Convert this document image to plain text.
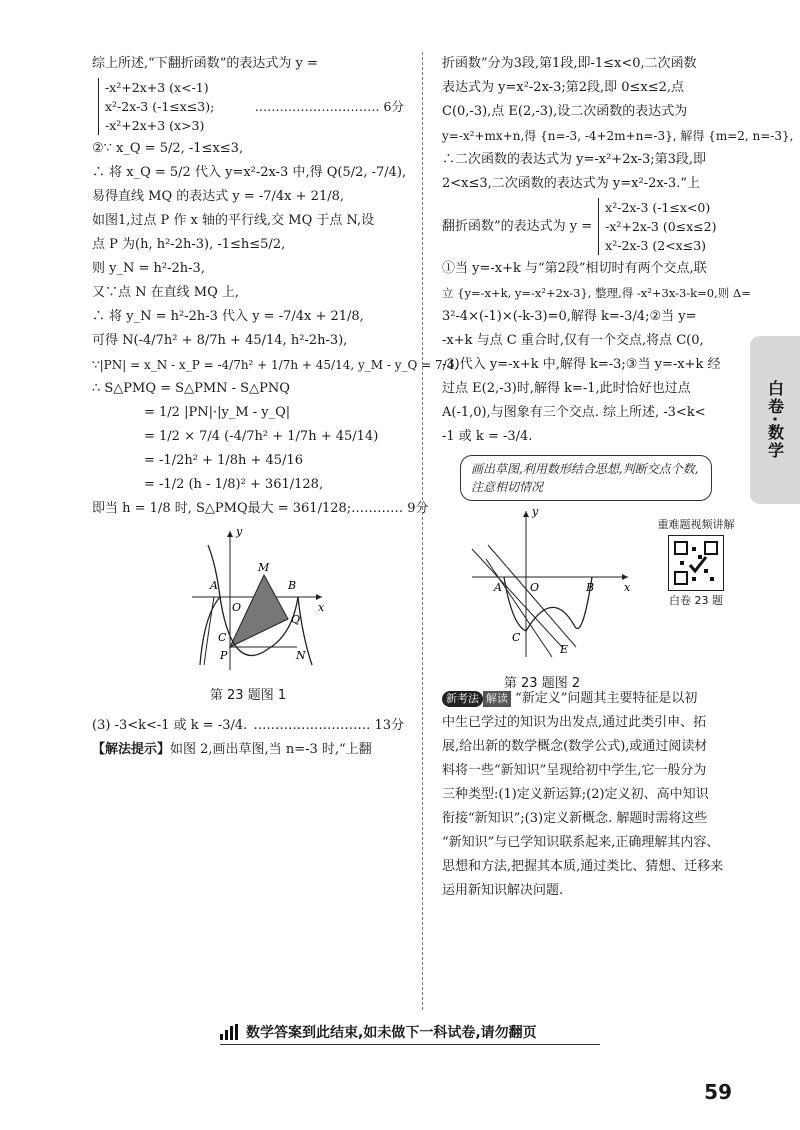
综上所述,“下翻折函数”的表达式为 y =
-x²+2x+3 (x<-1)
x²-2x-3 (-1≤x≤3);	………………………… 6分
-x²+2x+3 (x>3)
②∵ x_Q = 5/2, -1≤x≤3,
∴ 将 x_Q = 5/2 代入 y=x²-2x-3 中,得 Q(5/2, -7/4),
易得直线 MQ 的表达式 y = -7/4x + 21/8,
如图1,过点 P 作 x 轴的平行线,交 MQ 于点 N,设
点 P 为(h, h²-2h-3), -1≤h≤5/2,
则 y_N = h²-2h-3,
又∵点 N 在直线 MQ 上,
∴ 将 y_N = h²-2h-3 代入 y = -7/4x + 21/8,
可得 N(-4/7h² + 8/7h + 45/14, h²-2h-3),
∵|PN| = x_N - x_P = -4/7h² + 1/7h + 45/14, y_M - y_Q = 7/4,
∴ S△PMQ = S△PMN - S△PNQ
= 1/2 |PN|·|y_M - y_Q|
= 1/2 × 7/4 (-4/7h² + 1/7h + 45/14)
= -1/2h² + 1/8h + 45/16
= -1/2 (h - 1/8)² + 361/128,
即当 h = 1/8 时, S△PMQ最大 = 361/128; ………… 9分
y
x
A
O
M
B
Q
C
P	N
第 23 题图 1
(3) -3<k<-1 或 k = -3/4. ……………………… 13分
【解法提示】如图 2,画出草图,当 n=-3 时,“上翻
折函数”分为3段,第1段,即-1≤x<0,二次函数
表达式为 y=x²-2x-3;第2段,即 0≤x≤2,点
C(0,-3),点 E(2,-3),设二次函数的表达式为
y=-x²+mx+n,得 {n=-3, -4+2m+n=-3}, 解得 {m=2, n=-3},
∴二次函数的表达式为 y=-x²+2x-3;第3段,即
2<x≤3,二次函数的表达式为 y=x²-2x-3.“上
翻折函数”的表达式为 y =
x²-2x-3 (-1≤x<0)
-x²+2x-3 (0≤x≤2)
x²-2x-3 (2<x≤3)
①当 y=-x+k 与“第2段”相切时有两个交点,联
立 {y=-x+k, y=-x²+2x-3}, 整理,得 -x²+3x-3-k=0,则 Δ=
3²-4×(-1)×(-k-3)=0,解得 k=-3/4;②当 y=
-x+k 与点 C 重合时,仅有一个交点,将点 C(0,
-3)代入 y=-x+k 中,解得 k=-3;③当 y=-x+k 经
过点 E(2,-3)时,解得 k=-1,此时恰好也过点
A(-1,0),与图象有三个交点. 综上所述, -3<k<
-1 或 k = -3/4.
画出草图,利用数形结合思想,判断交点个数,注意相切情况
y
x
A	O	B
C
E
第 23 题图 2
重难题视频讲解
白卷 23 题
新考法 解读 “新定义”问题其主要特征是以初
中生已学过的知识为出发点,通过此类引申、拓
展,给出新的数学概念(数学公式),或通过阅读材
料将一些“新知识”呈现给初中学生,它一般分为
三种类型:(1)定义新运算;(2)定义初、高中知识
衔接“新知识”;(3)定义新概念. 解题时需将这些
“新知识”与已学知识联系起来,正确理解其内容、
思想和方法,把握其本质,通过类比、猜想、迁移来
运用新知识解决问题.
白卷·数学
数学答案到此结束,如未做下一科试卷,请勿翻页
59
